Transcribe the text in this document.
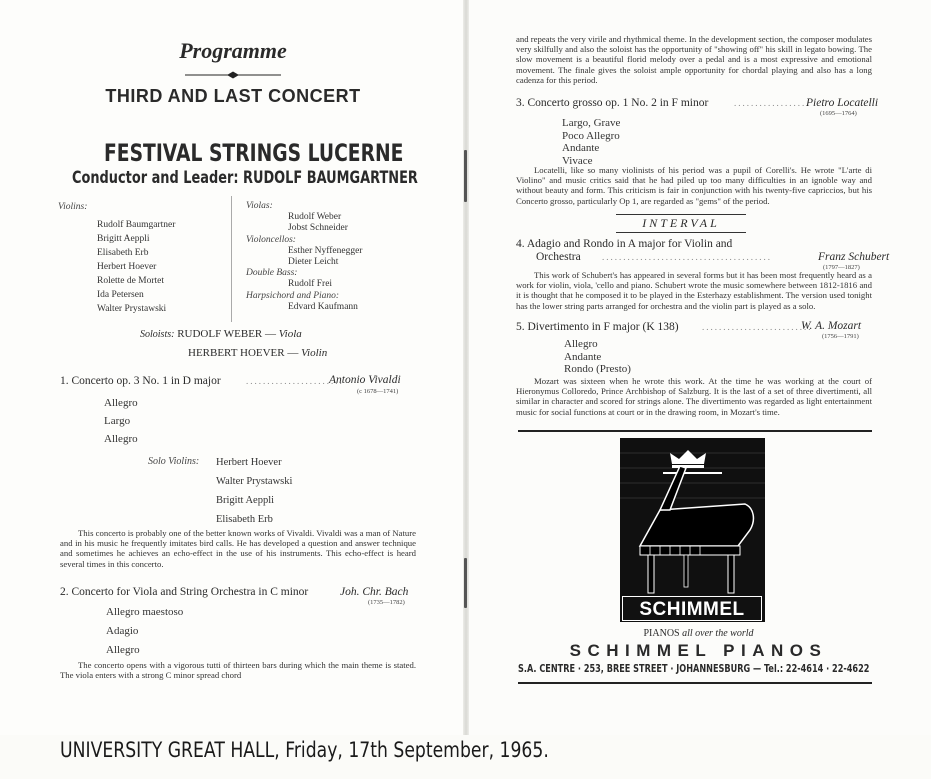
Programme
THIRD AND LAST CONCERT
FESTIVAL STRINGS LUCERNE
Conductor and Leader: RUDOLF BAUMGARTNER
Violins:
Rudolf Baumgartner
Brigitt Aeppli
Elisabeth Erb
Herbert Hoever
Rolette de Mortet
Ida Petersen
Walter Prystawski
Violas:
Rudolf Weber
Jobst Schneider
Violoncellos:
Esther Nyffenegger
Dieter Leicht
Double Bass:
Rudolf Frei
Harpsichord and Piano:
Edvard Kaufmann
Soloists: RUDOLF WEBER — Viola
HERBERT HOEVER — Violin
1. Concerto op. 3 No. 1 in D major	.......................
Antonio Vivaldi
(c 1678—1741)
Allegro
Largo
Allegro
Solo Violins: Herbert Hoever
Walter Prystawski
Brigitt Aeppli
Elisabeth Erb
This concerto is probably one of the better known works of Vivaldi. Vivaldi was a man of Nature and in his music he frequently imitates bird calls. He has developed a question and answer technique and sometimes he achieves an echo-effect in the use of his instruments. This echo-effect is heard several times in this concerto.
2. Concerto for Viola and String Orchestra in C minor	Joh. Chr. Bach
(1735—1782)
Allegro maestoso
Adagio
Allegro
The concerto opens with a vigorous tutti of thirteen bars during which the main theme is stated. The viola enters with a strong C minor spread chord
and repeats the very virile and rhythmical theme. In the development section, the composer modulates very skilfully and also the soloist has the opportunity of "showing off" his skill in legato bowing. The slow movement is a beautiful florid melody over a pedal and is a most expressive and emotional movement. The finale gives the soloist ample opportunity for chordal playing and also has a long cadenza for this period.
3. Concerto grosso op. 1 No. 2 in F minor	..................
Pietro Locatelli
(1695—1764)
Largo, Grave
Poco Allegro
Andante
Vivace
Locatelli, like so many violinists of his period was a pupil of Corelli's. He wrote "L'arte di Violino" and music critics said that he had piled up too many difficulties in an ignoble way and without beauty and form. This criticism is fair in conjunction with his twenty-five capriccios, but his Concerto grosso, particularly Op 1, are regarded as "gems" of the period.
INTERVAL
4. Adagio and Rondo in A major for Violin and
Orchestra ........................................	Franz Schubert
(1797—1827)
This work of Schubert's has appeared in several forms but it has been most frequently heard as a work for violin, viola, 'cello and piano. Schubert wrote the music somewhere between 1812-1816 and it is thought that he composed it to be played in the Esterhazy establishment. The version used tonight has the lower string parts arranged for orchestra and the violin part is played as a solo.
5. Divertimento in F major (K 138)	..........................
W. A. Mozart
(1756—1791)
Allegro
Andante
Rondo (Presto)
Mozart was sixteen when he wrote this work. At the time he was working at the court of Hieronymus Colloredo, Prince Archbishop of Salzburg. It is the last of a set of three divertimenti, all similar in character and scored for strings alone. The divertimento was regarded as light entertainment music for social functions at court or in the drawing room, in Mozart's time.
SCHIMMEL
PIANOS all over the world
SCHIMMEL PIANOS
S.A. CENTRE · 253, BREE STREET · JOHANNESBURG — Tel.: 22-4614 · 22-4622
UNIVERSITY GREAT HALL, Friday, 17th September, 1965.
